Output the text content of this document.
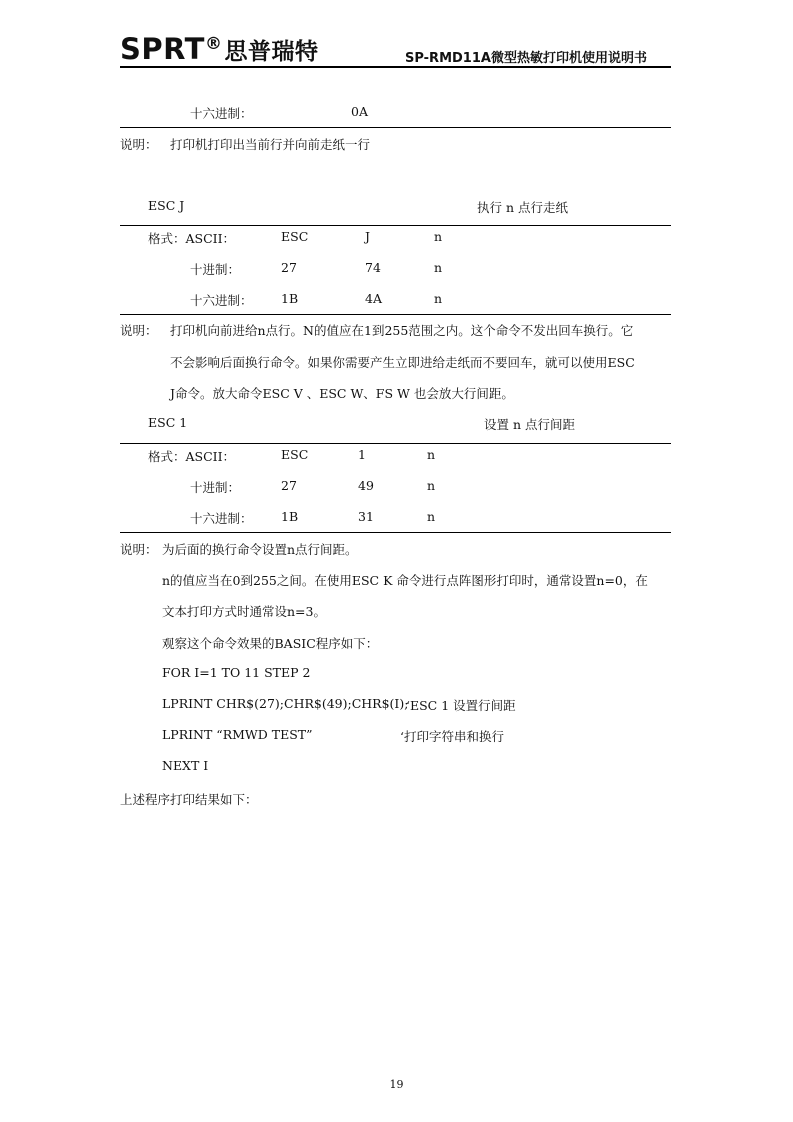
SPRT®思普瑞特	SP-RMD11A微型热敏打印机使用说明书
十六进制：	0A
说明： 打印机打印出当前行并向前走纸一行
ESC J	执行 n 点行走纸
格式：ASCII：	ESC	J	n
十进制：	27	74	n
十六进制： 1B	4A	n
说明： 打印机向前进给n点行。N的值应在1到255范围之内。这个命令不发出回车换行。它
不会影响后面换行命令。如果你需要产生立即进给走纸而不要回车，就可以使用ESC
J命令。放大命令ESC V 、ESC W、FS W 也会放大行间距。
ESC 1	设置 n 点行间距
格式：ASCII：	ESC	1	n
十进制：	27	49	n
十六进制： 1B	31	n
说明： 为后面的换行命令设置n点行间距。
n的值应当在0到255之间。在使用ESC K 命令进行点阵图形打印时，通常设置n=0，在
文本打印方式时通常设n=3。
观察这个命令效果的BASIC程序如下：
FOR I=1 TO 11 STEP 2
LPRINT CHR$(27);CHR$(49);CHR$(I);
‘ESC 1 设置行间距
LPRINT “RMWD TEST”	‘打印字符串和换行
NEXT I
上述程序打印结果如下：
19
